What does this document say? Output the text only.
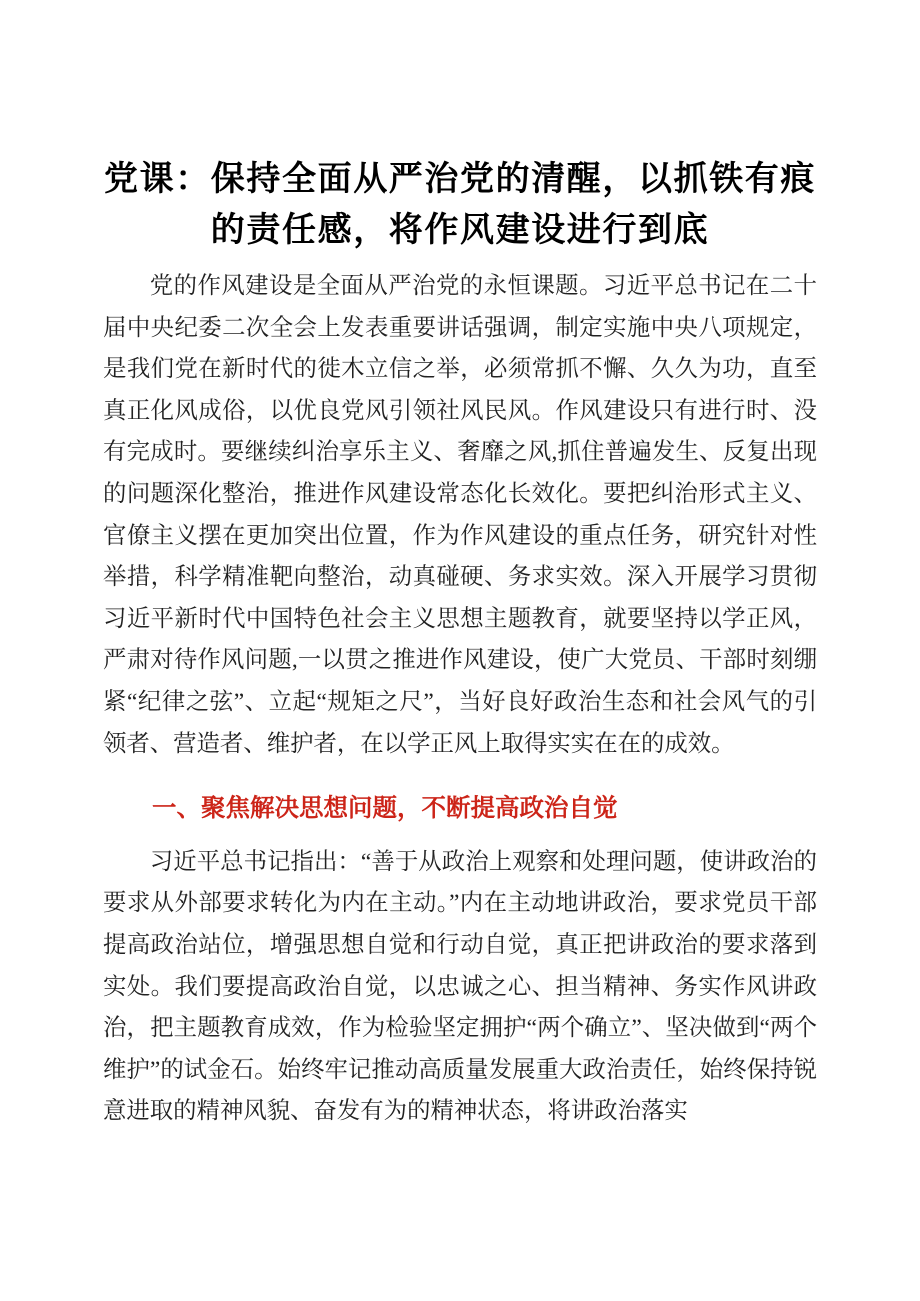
党课：保持全面从严治党的清醒，以抓铁有痕
的责任感，将作风建设进行到底

党的作风建设是全面从严治党的永恒课题。习近平总书记在二十届中央纪委二次全会上发表重要讲话强调，制定实施中央八项规定，是我们党在新时代的徙木立信之举，必须常抓不懈、久久为功，直至真正化风成俗，以优良党风引领社风民风。作风建设只有进行时、没有完成时。要继续纠治享乐主义、奢靡之风,抓住普遍发生、反复出现的问题深化整治，推进作风建设常态化长效化。要把纠治形式主义、官僚主义摆在更加突出位置，作为作风建设的重点任务，研究针对性举措，科学精准靶向整治，动真碰硬、务求实效。深入开展学习贯彻习近平新时代中国特色社会主义思想主题教育，就要坚持以学正风，严肃对待作风问题,一以贯之推进作风建设，使广大党员、干部时刻绷紧“纪律之弦”、立起“规矩之尺”，当好良好政治生态和社会风气的引领者、营造者、维护者，在以学正风上取得实实在在的成效。

一、聚焦解决思想问题，不断提高政治自觉

习近平总书记指出：“善于从政治上观察和处理问题，使讲政治的要求从外部要求转化为内在主动。”内在主动地讲政治，要求党员干部提高政治站位，增强思想自觉和行动自觉，真正把讲政治的要求落到实处。我们要提高政治自觉，以忠诚之心、担当精神、务实作风讲政治，把主题教育成效，作为检验坚定拥护“两个确立”、坚决做到“两个维护”的试金石。始终牢记推动高质量发展重大政治责任，始终保持锐意进取的精神风貌、奋发有为的精神状态，将讲政治落实
